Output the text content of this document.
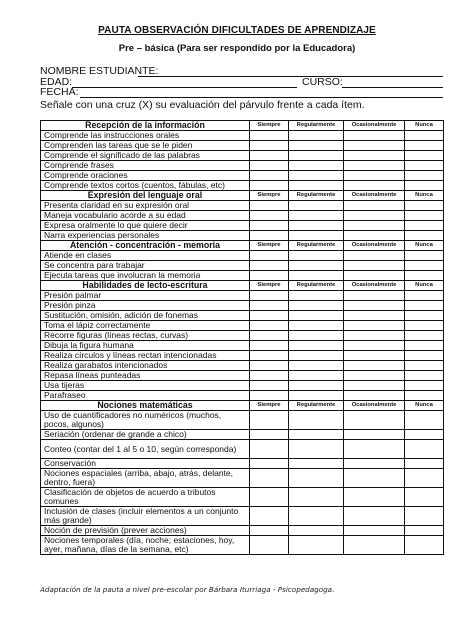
PAUTA OBSERVACIÓN DIFICULTADES DE APRENDIZAJE
Pre – básica (Para ser respondido por la Educadora)
NOMBRE ESTUDIANTE:
EDAD:	CURSO:
FECHA:
Señale con una cruz (X) su evaluación del párvulo frente a cada ítem.
Recepción de la información	Siempre	Regularmente	Ocasionalmente	Nunca
Comprende las instrucciones orales				
Comprenden las tareas que se le piden				
Comprende el significado de las palabras				
Comprende frases				
Comprende oraciones				
Comprende textos cortos (cuentos, fábulas, etc)				
Expresión del lenguaje oral	Siempre	Regularmente	Ocasionalmente	Nunca
Presenta claridad en su expresión oral				
Maneja vocabulario acorde a su edad				
Expresa oralmente lo que quiere decir				
Narra experiencias personales				
Atención - concentración - memoria	Siempre	Regularmente	Ocasionalmente	Nunca
Atiende en clases				
Se concentra para trabajar				
Ejecuta tareas que involucran la memoria				
Habilidades de lecto-escritura	Siempre	Regularmente	Ocasionalmente	Nunca
Presión palmar				
Presión pinza				
Sustitución, omisión, adición de fonemas				
Toma el lápiz correctamente				
Recorre figuras (líneas rectas, curvas)				
Dibuja la figura humana				
Realiza círculos y líneas rectan intencionadas				
Realiza garabatos intencionados				
Repasa líneas punteadas				
Usa tijeras				
Parafraseo				
Nociones matemáticas	Siempre	Regularmente	Ocasionalmente	Nunca
Uso de cuantificadores no numéricos (muchos, pocos, algunos)				
Seriación (ordenar de grande a chico)				
Conteo (contar del 1 al 5 o 10, según corresponda)				
Conservación				
Nociones espaciales (arriba, abajo, atrás, delante, dentro, fuera)				
Clasificación de objetos de acuerdo a tributos comunes				
Inclusión de clases (incluir elementos a un conjunto más grande)				
Noción de previsión (prever acciones)				
Nociones temporales (día, noche; estaciones, hoy, ayer, mañana, días de la semana, etc)				
Adaptación de la pauta a nivel pre-escolar por Bárbara Iturriaga - Psicopedagoga.
